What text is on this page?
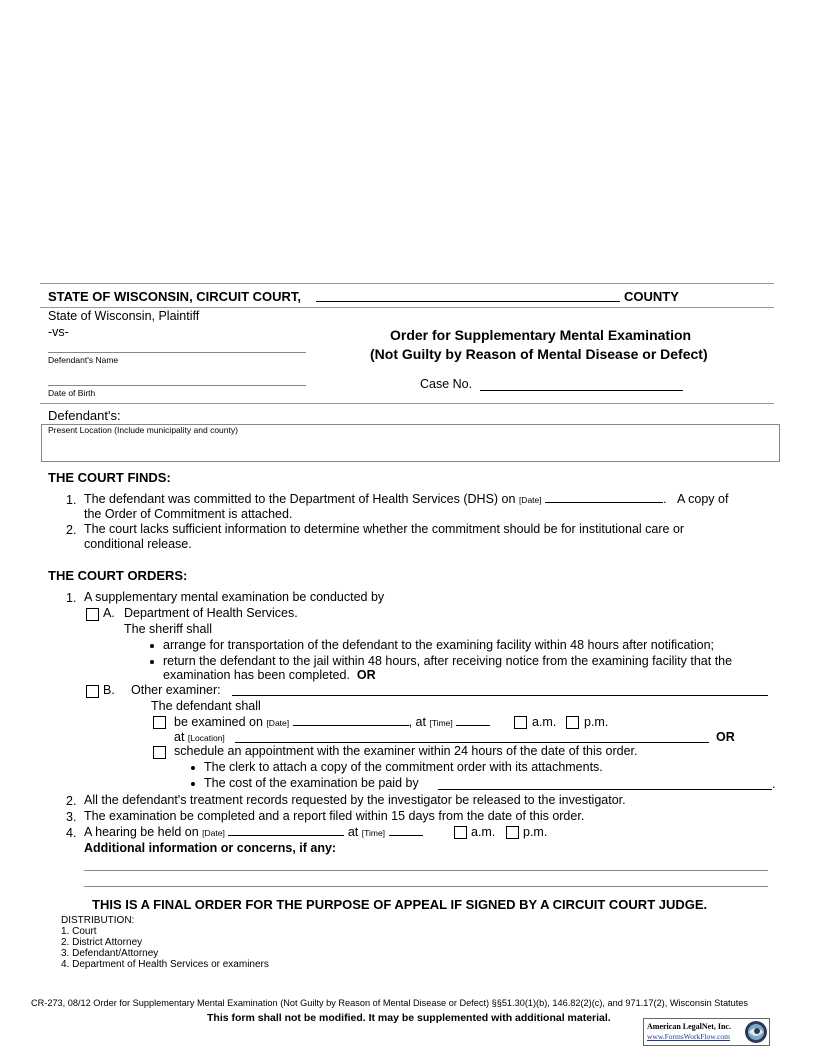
STATE OF WISCONSIN, CIRCUIT COURT,	COUNTY
State of Wisconsin, Plaintiff
-vs-
Defendant's Name
Date of Birth
Order for Supplementary Mental Examination
(Not Guilty by Reason of Mental Disease or Defect)
Case No.
Defendant's:
Present Location (Include municipality and county)
THE COURT FINDS:
1. The defendant was committed to the Department of Health Services (DHS) on [Date]	.   A copy of
the Order of Commitment is attached.
2. The court lacks sufficient information to determine whether the commitment should be for institutional care or
conditional release.
THE COURT ORDERS:
1. A supplementary mental examination be conducted by
A. Department of Health Services.
The sheriff shall
arrange for transportation of the defendant to the examining facility within 48 hours after notification;
return the defendant to the jail within 48 hours, after receiving notice from the examining facility that the
examination has been completed. OR
B. Other examiner:
The defendant shall
be examined on [Date]	, at [Time]	a.m. p.m.
at [Location]	OR
schedule an appointment with the examiner within 24 hours of the date of this order.
The clerk to attach a copy of the commitment order with its attachments.
The cost of the examination be paid by	.
2. All the defendant's treatment records requested by the investigator be released to the investigator.
3. The examination be completed and a report filed within 15 days from the date of this order.
4. A hearing be held on [Date]	at [Time]	a.m. p.m.
Additional information or concerns, if any:
THIS IS A FINAL ORDER FOR THE PURPOSE OF APPEAL IF SIGNED BY A CIRCUIT COURT JUDGE.
DISTRIBUTION:
1. Court
2. District Attorney
3. Defendant/Attorney
4. Department of Health Services or examiners
CR-273, 08/12 Order for Supplementary Mental Examination (Not Guilty by Reason of Mental Disease or Defect) §§51.30(1)(b), 146.82(2)(c), and 971.17(2), Wisconsin Statutes
This form shall not be modified. It may be supplemented with additional material.
American LegalNet, Inc.
www.FormsWorkFlow.com
